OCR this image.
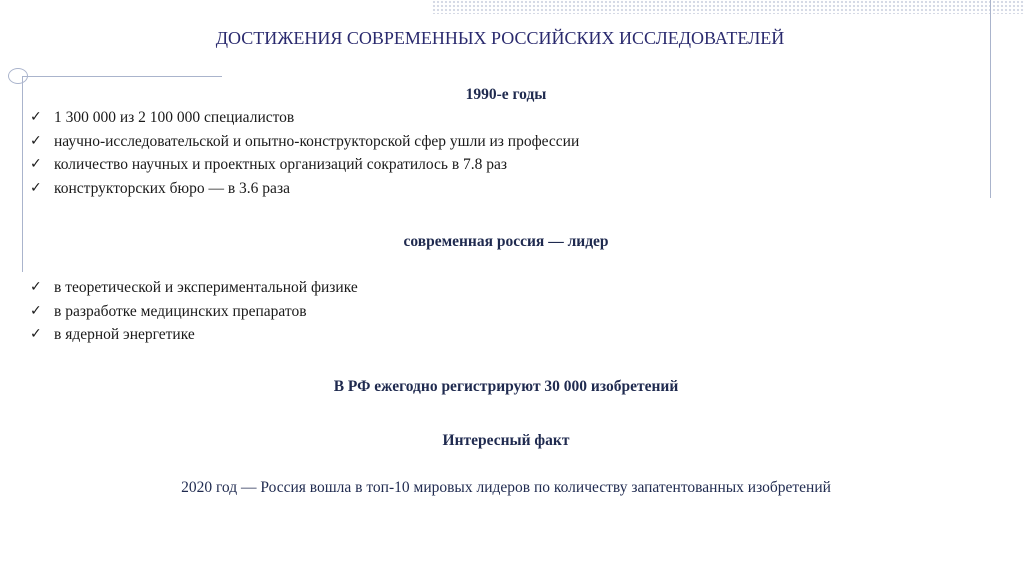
ДОСТИЖЕНИЯ СОВРЕМЕННЫХ РОССИЙСКИХ ИССЛЕДОВАТЕЛЕЙ
1990-е годы
✓ 1 300 000 из 2 100 000 специалистов
✓ научно-исследовательской и опытно-конструкторской сфер ушли из профессии
✓ количество научных и проектных организаций сократилось в 7.8 раз
✓ конструкторских бюро — в 3.6 раза
современная россия — лидер
✓ в теоретической и экспериментальной физике
✓ в разработке медицинских препаратов
✓ в ядерной энергетике
В РФ ежегодно регистрируют 30 000 изобретений
Интересный факт
2020 год — Россия вошла в топ-10 мировых лидеров по количеству запатентованных изобретений
